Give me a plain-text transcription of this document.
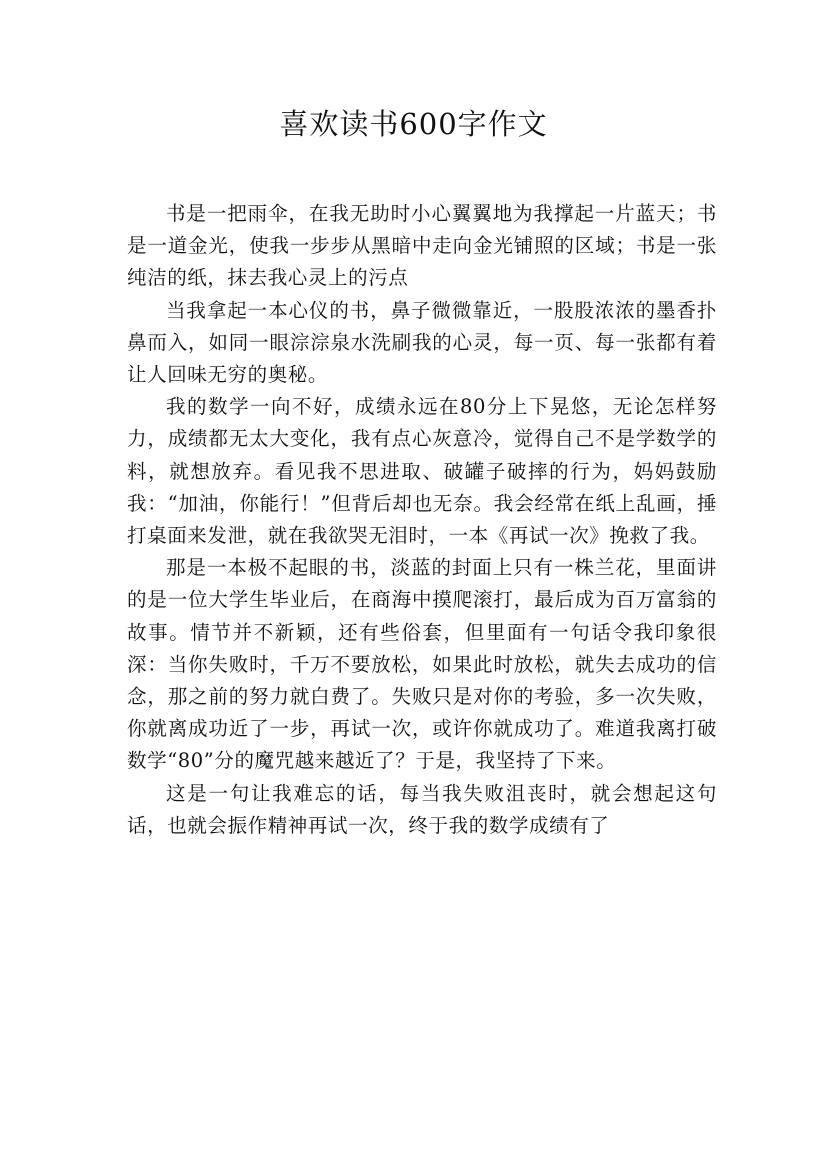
喜欢读书600字作文

书是一把雨伞，在我无助时小心翼翼地为我撑起一片蓝天；书是一道金光，使我一步步从黑暗中走向金光铺照的区域；书是一张纯洁的纸，抹去我心灵上的污点

当我拿起一本心仪的书，鼻子微微靠近，一股股浓浓的墨香扑鼻而入，如同一眼淙淙泉水洗刷我的心灵，每一页、每一张都有着让人回味无穷的奥秘。

我的数学一向不好，成绩永远在80分上下晃悠，无论怎样努力，成绩都无太大变化，我有点心灰意冷，觉得自己不是学数学的料，就想放弃。看见我不思进取、破罐子破摔的行为，妈妈鼓励我：“加油，你能行！”但背后却也无奈。我会经常在纸上乱画，捶打桌面来发泄，就在我欲哭无泪时，一本《再试一次》挽救了我。

那是一本极不起眼的书，淡蓝的封面上只有一株兰花，里面讲的是一位大学生毕业后，在商海中摸爬滚打，最后成为百万富翁的故事。情节并不新颖，还有些俗套，但里面有一句话令我印象很深：当你失败时，千万不要放松，如果此时放松，就失去成功的信念，那之前的努力就白费了。失败只是对你的考验，多一次失败，你就离成功近了一步，再试一次，或许你就成功了。难道我离打破数学“80”分的魔咒越来越近了？于是，我坚持了下来。

这是一句让我难忘的话，每当我失败沮丧时，就会想起这句话，也就会振作精神再试一次，终于我的数学成绩有了
